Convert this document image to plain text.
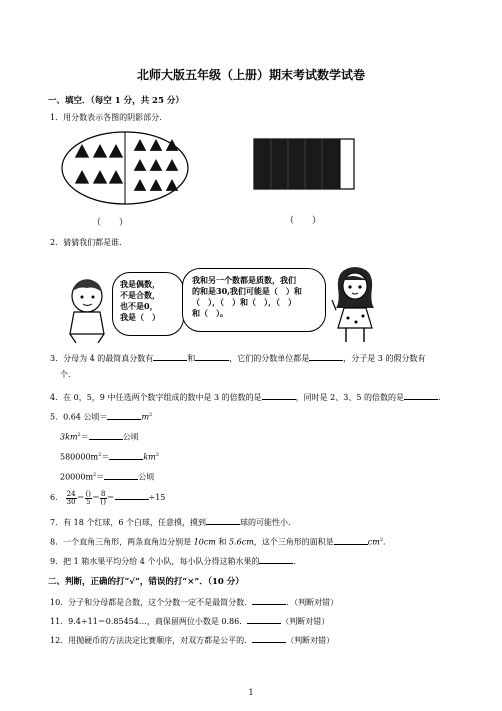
北师大版五年级（上册）期末考试数学试卷
一、填空．（每空 1 分，共 25 分）
1．用分数表示各图的阴影部分.
（　　）	（　　）
2．猜猜我们都是谁.
我是偶数，
不是合数，
也不是0，
我是（　）
我和另一个数都是质数，我们
的和是30,我们可能是（　）和
（　），（　）和（　），（　）
和（　）。
3．分母为 4 的最简真分数有	和	，它们的分数单位都是	，分子是 3 的假分数有
个.
4．在 0，5，9 中任选两个数字组成的数中是 3 的倍数的是	，同时是 2、3、5 的倍数的是	.
5．0.64 公顷＝	$m^2$
$3km^2=$	公顷
$580000m^2=$	$km^2$
$20000m^2=$	公顷
6． $\frac{24}{30} = \frac{()}{5} = \frac{8}{()}$ ＝	÷15
7．有 18 个红球，6 个白球，任意摸，摸到	球的可能性小.
8．一个直角三角形，两条直角边分别是 10cm 和 5.6cm，这个三角形的面积是	$cm^2$.
9．把 1 箱水果平均分给 4 个小队，每小队分得这箱水果的	.
二、判断，正确的打“√”，错误的打“×”．（10 分）
10．分子和分母都是合数，这个分数一定不是最简分数．	．（判断对错）
11．9.4÷11＝0.85454…，商保留两位小数是 0.86．	（判断对错）
12．用抛硬币的方法决定比赛顺序，对双方都是公平的．	（判断对错）
1
